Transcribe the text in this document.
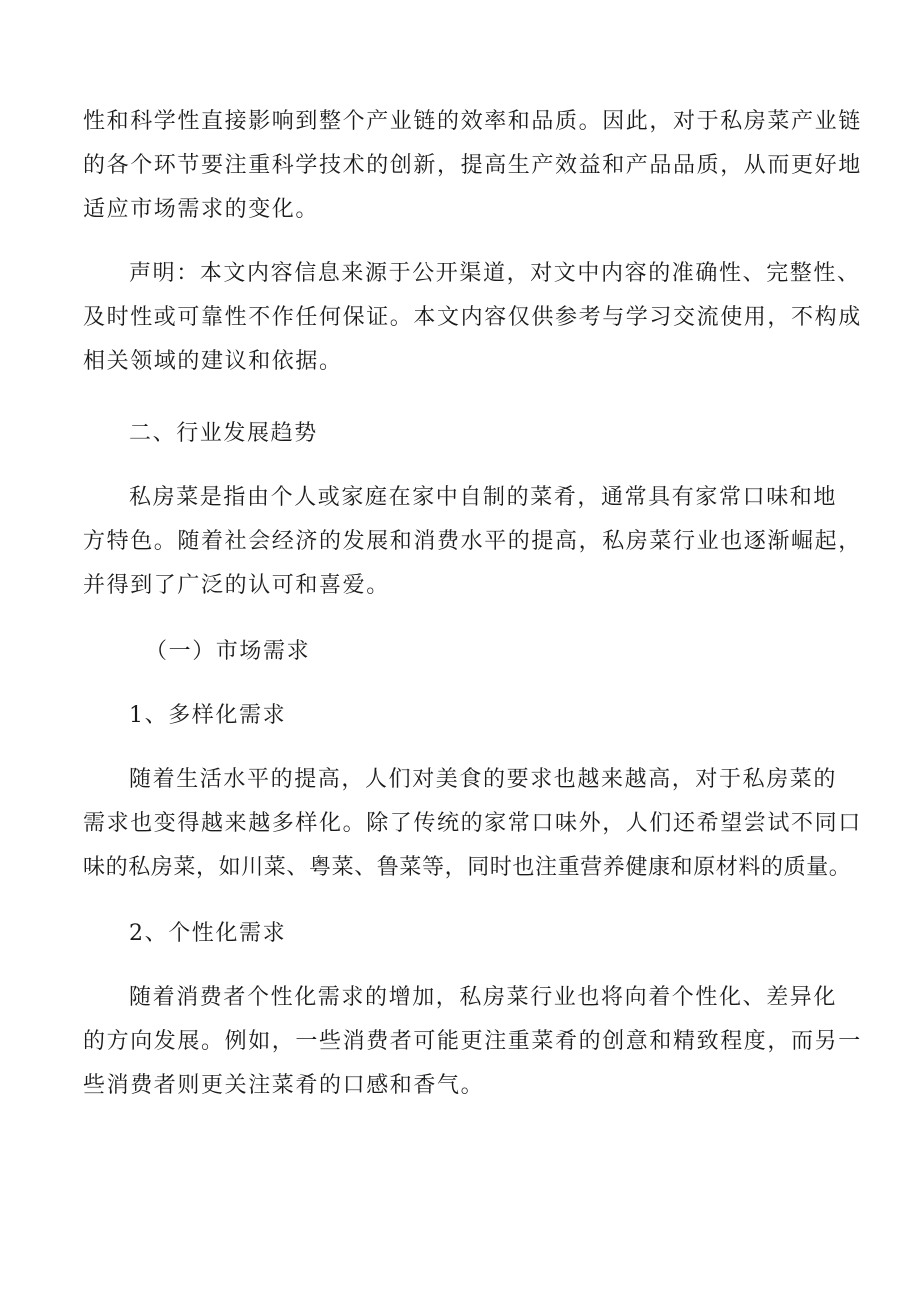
性和科学性直接影响到整个产业链的效率和品质。因此，对于私房菜产业链
的各个环节要注重科学技术的创新，提高生产效益和产品品质，从而更好地
适应市场需求的变化。

声明：本文内容信息来源于公开渠道，对文中内容的准确性、完整性、
及时性或可靠性不作任何保证。本文内容仅供参考与学习交流使用，不构成
相关领域的建议和依据。

二、行业发展趋势

私房菜是指由个人或家庭在家中自制的菜肴，通常具有家常口味和地
方特色。随着社会经济的发展和消费水平的提高，私房菜行业也逐渐崛起，
并得到了广泛的认可和喜爱。

（一）市场需求

1、多样化需求

随着生活水平的提高，人们对美食的要求也越来越高，对于私房菜的
需求也变得越来越多样化。除了传统的家常口味外，人们还希望尝试不同口
味的私房菜，如川菜、粤菜、鲁菜等，同时也注重营养健康和原材料的质量。

2、个性化需求

随着消费者个性化需求的增加，私房菜行业也将向着个性化、差异化
的方向发展。例如，一些消费者可能更注重菜肴的创意和精致程度，而另一
些消费者则更关注菜肴的口感和香气。
